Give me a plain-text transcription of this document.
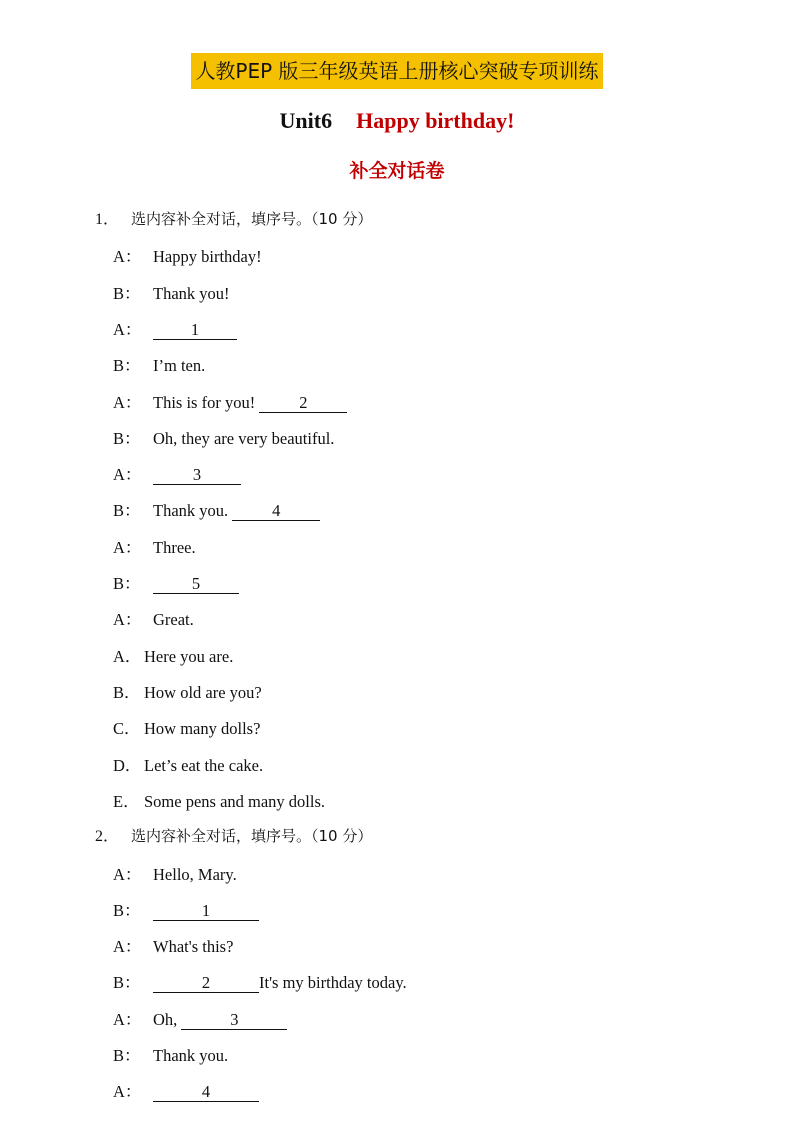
人教PEP 版三年级英语上册核心突破专项训练
Unit6 Happy birthday!
补全对话卷
1． 选内容补全对话，填序号。（10 分）
A： Happy birthday!
B： Thank you!
A：	1
B： I’m ten.
A： This is for you! 2
B： Oh, they are very beautiful.
A：	3
B： Thank you. 4
A： Three.
B：	5
A： Great.
A． Here you are.
B． How old are you?
C． How many dolls?
D． Let’s eat the cake.
E． Some pens and many dolls.
2． 选内容补全对话，填序号。（10 分）
A： Hello, Mary.
B：	1
A： What's this?
B：	2	It's my birthday today.
A： Oh,	3
B： Thank you.
A：	4
